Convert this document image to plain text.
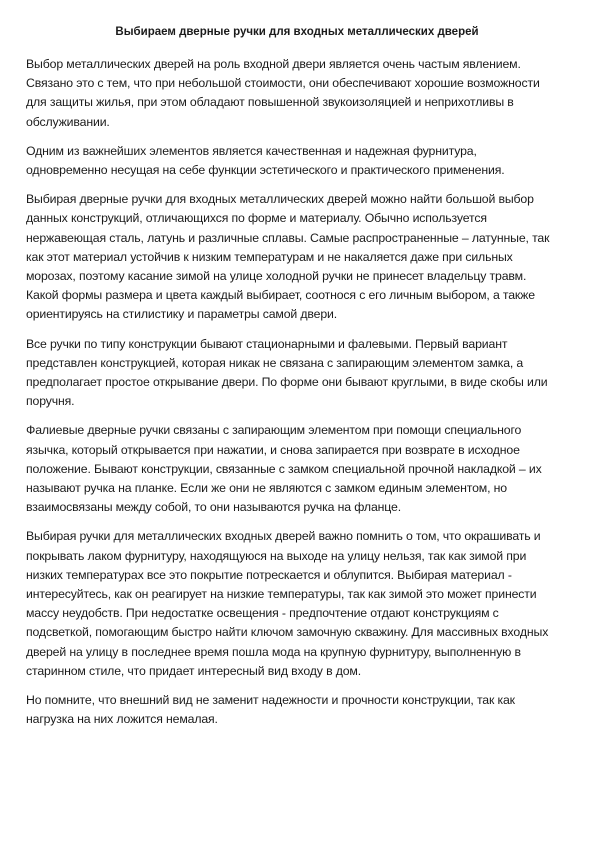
Выбираем дверные ручки для входных металлических дверей

Выбор металлических дверей на роль входной двери является очень частым явлением. Связано это с тем, что при небольшой стоимости, они обеспечивают хорошие возможности для защиты жилья, при этом обладают повышенной звукоизоляцией и неприхотливы в обслуживании.

Одним из важнейших элементов является качественная и надежная фурнитура, одновременно несущая на себе функции эстетического и практического применения.

Выбирая дверные ручки для входных металлических дверей можно найти большой выбор данных конструкций, отличающихся по форме и материалу. Обычно используется нержавеющая сталь, латунь и различные сплавы. Самые распространенные – латунные, так как этот материал устойчив к низким температурам и не накаляется даже при сильных морозах, поэтому касание зимой на улице холодной ручки не принесет владельцу травм. Какой формы размера и цвета каждый выбирает, соотнося с его личным выбором, а также ориентируясь на стилистику и параметры самой двери.

Все ручки по типу конструкции бывают стационарными и фалевыми. Первый вариант представлен конструкцией, которая никак не связана с запирающим элементом замка, а предполагает простое открывание двери. По форме они бывают круглыми, в виде скобы или поручня.

Фалиевые дверные ручки связаны с запирающим элементом при помощи специального язычка, который открывается при нажатии, и снова запирается при возврате в исходное положение. Бывают конструкции, связанные с замком специальной прочной накладкой – их называют ручка на планке. Если же они не являются с замком единым элементом, но взаимосвязаны между собой, то они называются ручка на фланце.

Выбирая ручки для металлических входных дверей важно помнить о том, что окрашивать и покрывать лаком фурнитуру, находящуюся на выходе на улицу нельзя, так как зимой при низких температурах все это покрытие потрескается и облупится. Выбирая материал - интересуйтесь, как он реагирует на низкие температуры, так как зимой это может принести массу неудобств. При недостатке освещения - предпочтение отдают конструкциям с подсветкой, помогающим быстро найти ключом замочную скважину. Для массивных входных дверей на улицу в последнее время пошла мода на крупную фурнитуру, выполненную в старинном стиле, что придает интересный вид входу в дом.

Но помните, что внешний вид не заменит надежности и прочности конструкции, так как нагрузка на них ложится немалая.
